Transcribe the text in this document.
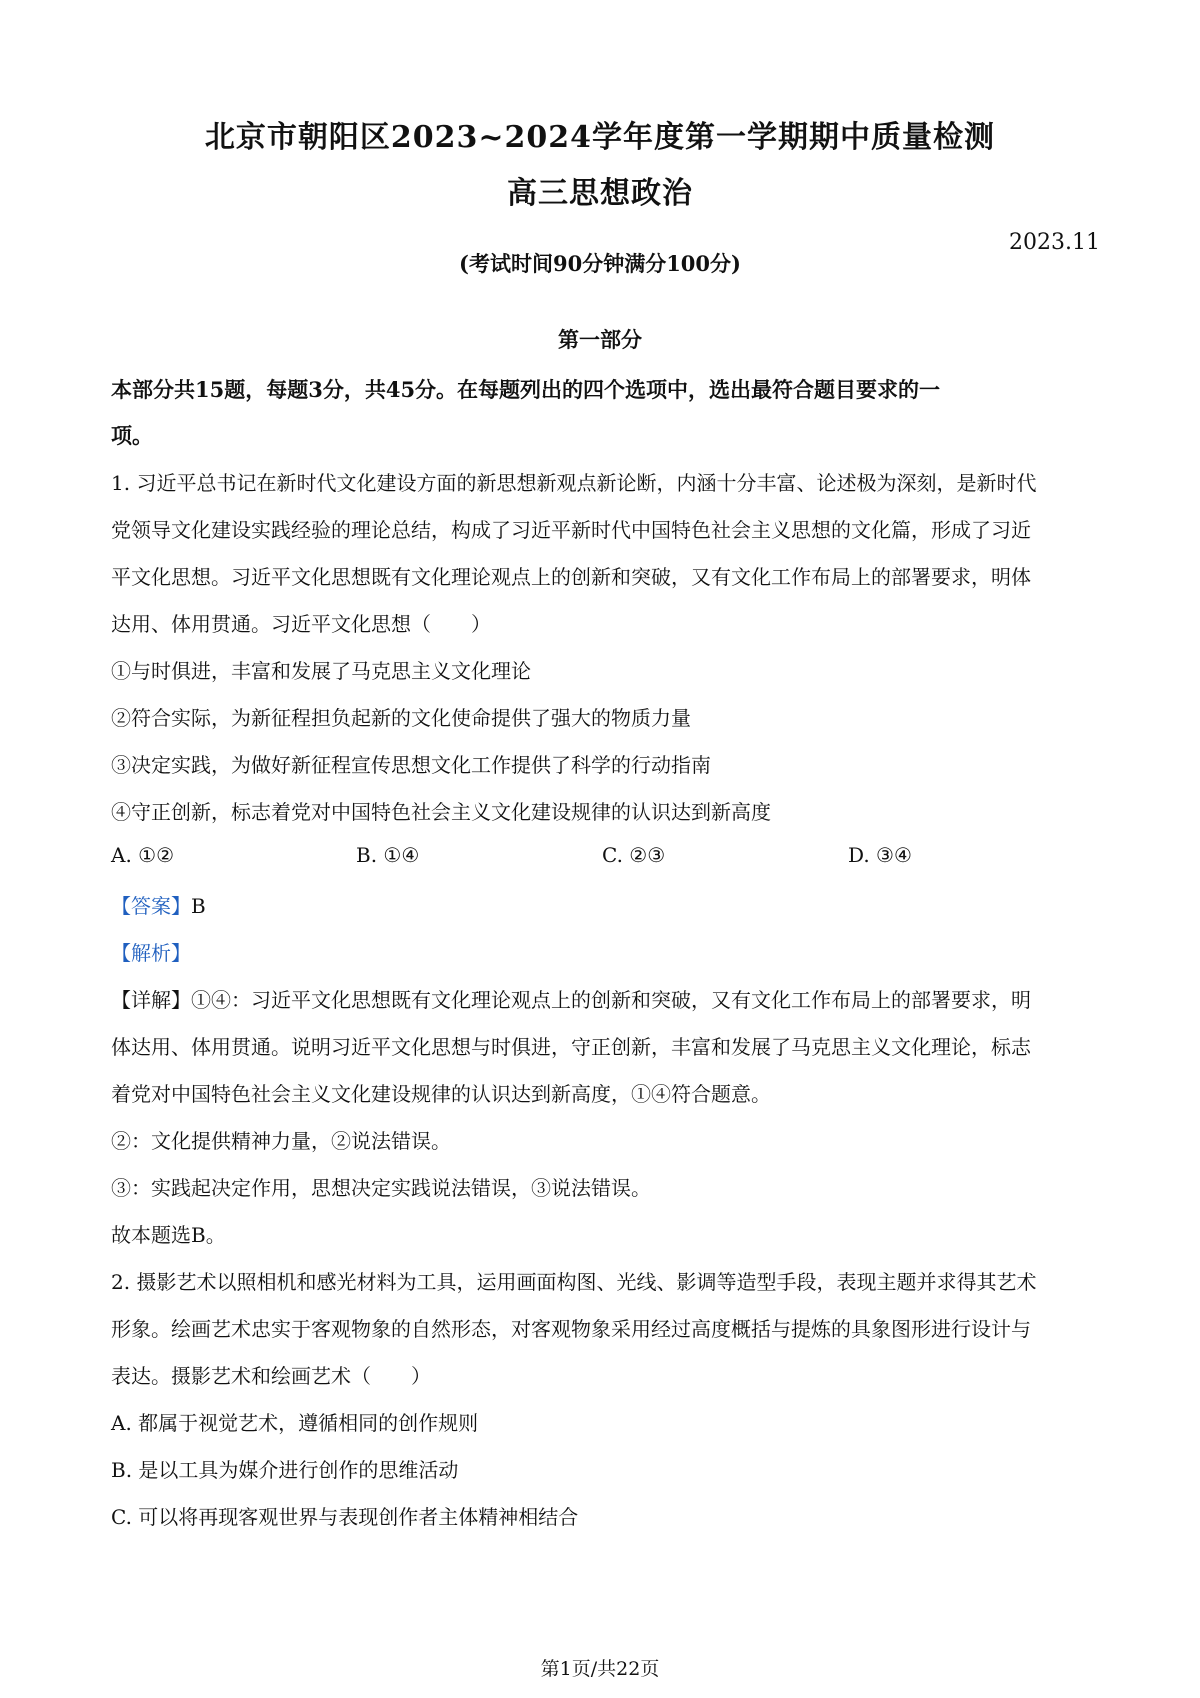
北京市朝阳区2023~2024学年度第一学期期中质量检测
高三思想政治
2023.11
(考试时间90分钟满分100分)
第一部分
本部分共15题，每题3分，共45分。在每题列出的四个选项中，选出最符合题目要求的一
项。
1. 习近平总书记在新时代文化建设方面的新思想新观点新论断，内涵十分丰富、论述极为深刻，是新时代
党领导文化建设实践经验的理论总结，构成了习近平新时代中国特色社会主义思想的文化篇，形成了习近
平文化思想。习近平文化思想既有文化理论观点上的创新和突破，又有文化工作布局上的部署要求，明体
达用、体用贯通。习近平文化思想（　　）
①与时俱进，丰富和发展了马克思主义文化理论
②符合实际，为新征程担负起新的文化使命提供了强大的物质力量
③决定实践，为做好新征程宣传思想文化工作提供了科学的行动指南
④守正创新，标志着党对中国特色社会主义文化建设规律的认识达到新高度
A. ①②	B. ①④	C. ②③	D. ③④
【答案】B
【解析】
【详解】①④：习近平文化思想既有文化理论观点上的创新和突破，又有文化工作布局上的部署要求，明
体达用、体用贯通。说明习近平文化思想与时俱进，守正创新，丰富和发展了马克思主义文化理论，标志
着党对中国特色社会主义文化建设规律的认识达到新高度，①④符合题意。
②：文化提供精神力量，②说法错误。
③：实践起决定作用，思想决定实践说法错误，③说法错误。
故本题选B。
2. 摄影艺术以照相机和感光材料为工具，运用画面构图、光线、影调等造型手段，表现主题并求得其艺术
形象。绘画艺术忠实于客观物象的自然形态，对客观物象采用经过高度概括与提炼的具象图形进行设计与
表达。摄影艺术和绘画艺术（　　）
A. 都属于视觉艺术，遵循相同的创作规则
B. 是以工具为媒介进行创作的思维活动
C. 可以将再现客观世界与表现创作者主体精神相结合
第1页/共22页
